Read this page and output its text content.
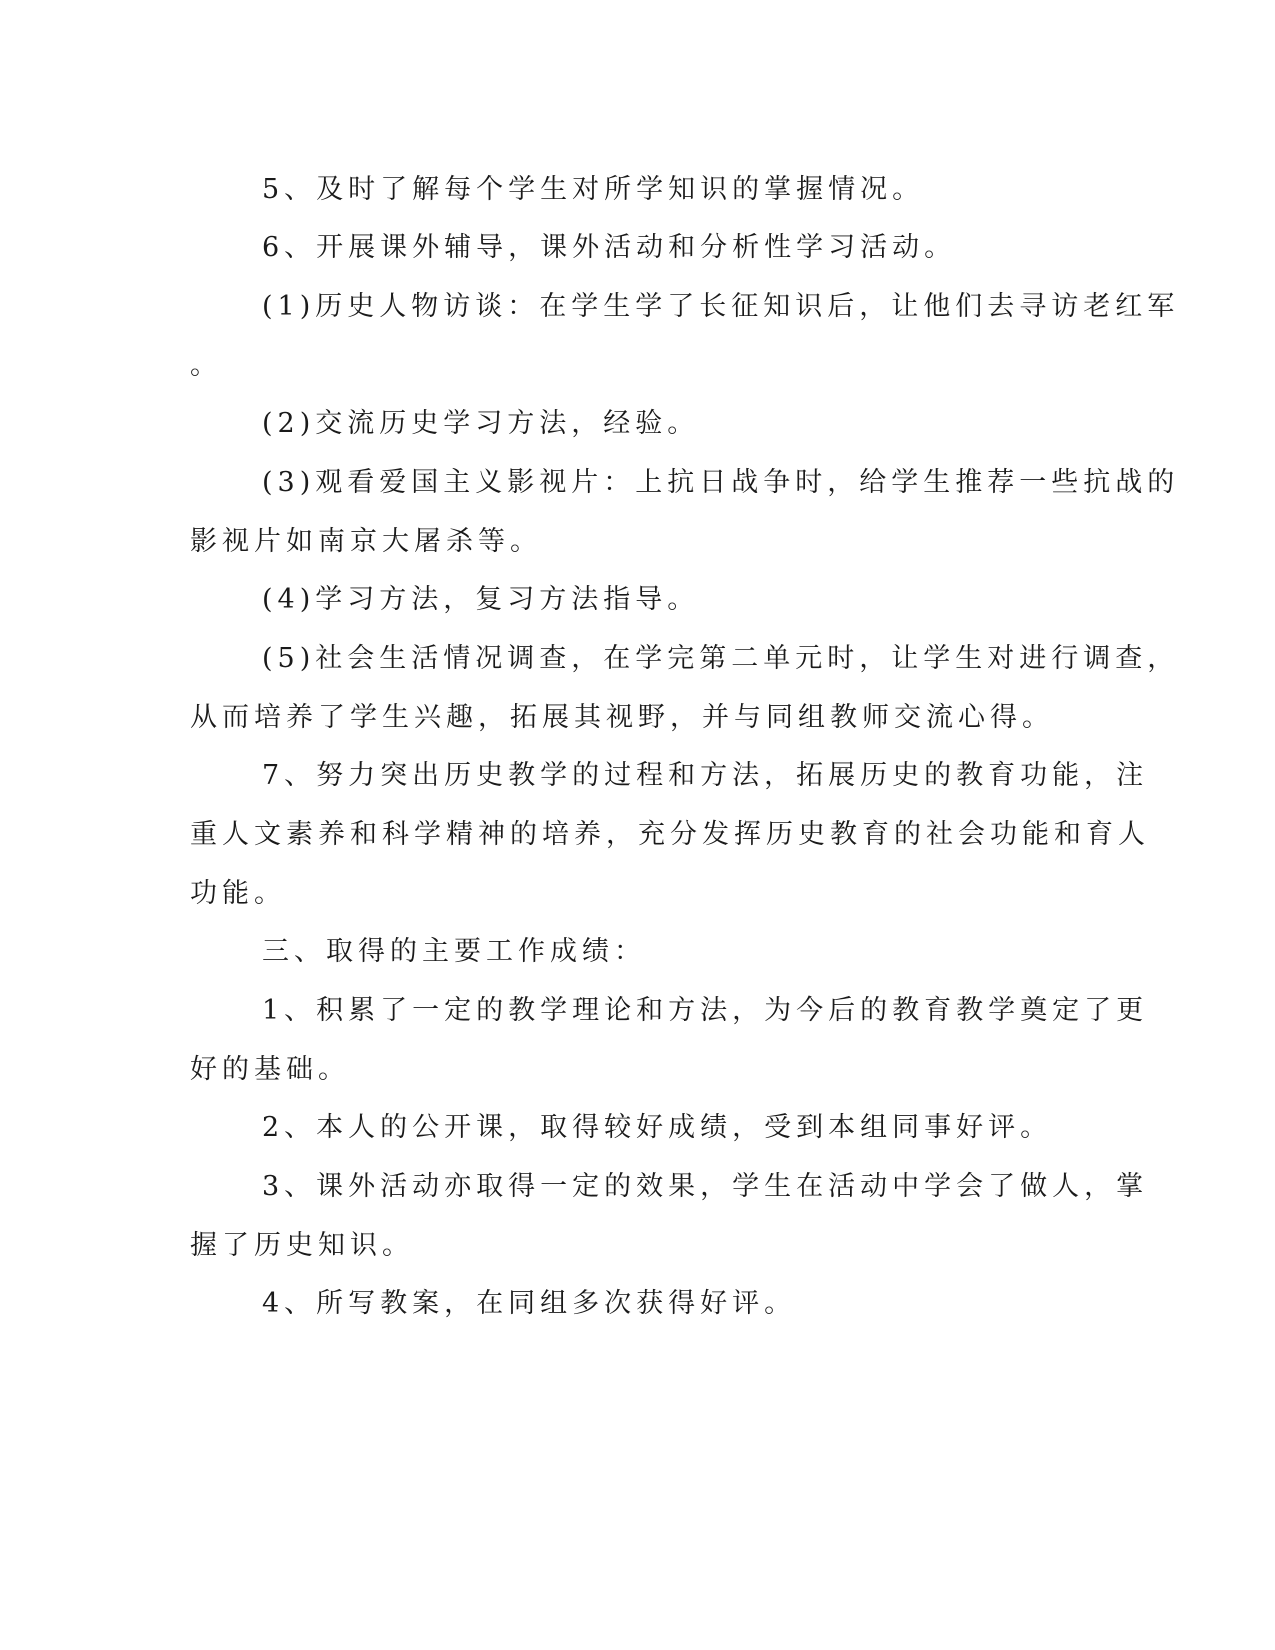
5、及时了解每个学生对所学知识的掌握情况。
6、开展课外辅导，课外活动和分析性学习活动。
(1)历史人物访谈：在学生学了长征知识后，让他们去寻访老红军
。
(2)交流历史学习方法，经验。
(3)观看爱国主义影视片：上抗日战争时，给学生推荐一些抗战的
影视片如南京大屠杀等。
(4)学习方法，复习方法指导。
(5)社会生活情况调查，在学完第二单元时，让学生对进行调查，
从而培养了学生兴趣，拓展其视野，并与同组教师交流心得。
7、努力突出历史教学的过程和方法，拓展历史的教育功能，注
重人文素养和科学精神的培养，充分发挥历史教育的社会功能和育人
功能。
三、取得的主要工作成绩：
1、积累了一定的教学理论和方法，为今后的教育教学奠定了更
好的基础。
2、本人的公开课，取得较好成绩，受到本组同事好评。
3、课外活动亦取得一定的效果，学生在活动中学会了做人，掌
握了历史知识。
4、所写教案，在同组多次获得好评。
